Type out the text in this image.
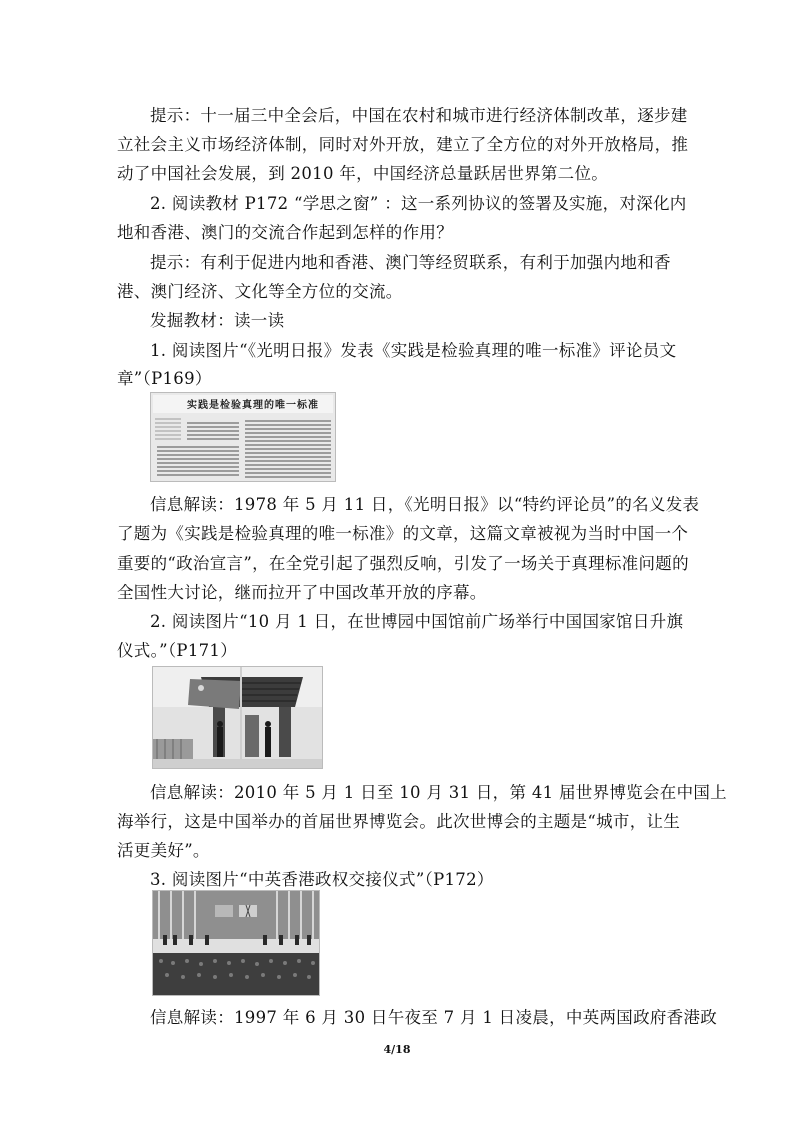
提示：十一届三中全会后，中国在农村和城市进行经济体制改革，逐步建
立社会主义市场经济体制，同时对外开放，建立了全方位的对外开放格局，推
动了中国社会发展，到 2010 年，中国经济总量跃居世界第二位。
2. 阅读教材 P172 “学思之窗” ：这一系列协议的签署及实施，对深化内
地和香港、澳门的交流合作起到怎样的作用？
提示：有利于促进内地和香港、澳门等经贸联系，有利于加强内地和香
港、澳门经济、文化等全方位的交流。
发掘教材：读一读
1. 阅读图片“《光明日报》发表《实践是检验真理的唯一标准》评论员文
章”（P169）
实践是检验真理的唯一标准
信息解读：1978 年 5 月 11 日，《光明日报》以“特约评论员”的名义发表
了题为《实践是检验真理的唯一标准》的文章，这篇文章被视为当时中国一个
重要的“政治宣言”，在全党引起了强烈反响，引发了一场关于真理标准问题的
全国性大讨论，继而拉开了中国改革开放的序幕。
2. 阅读图片“10 月 1 日，在世博园中国馆前广场举行中国国家馆日升旗
仪式。”（P171）
信息解读：2010 年 5 月 1 日至 10 月 31 日，第 41 届世界博览会在中国上
海举行，这是中国举办的首届世界博览会。此次世博会的主题是“城市，让生
活更美好”。
3. 阅读图片“中英香港政权交接仪式”（P172）
信息解读：1997 年 6 月 30 日午夜至 7 月 1 日凌晨，中英两国政府香港政
4/18
